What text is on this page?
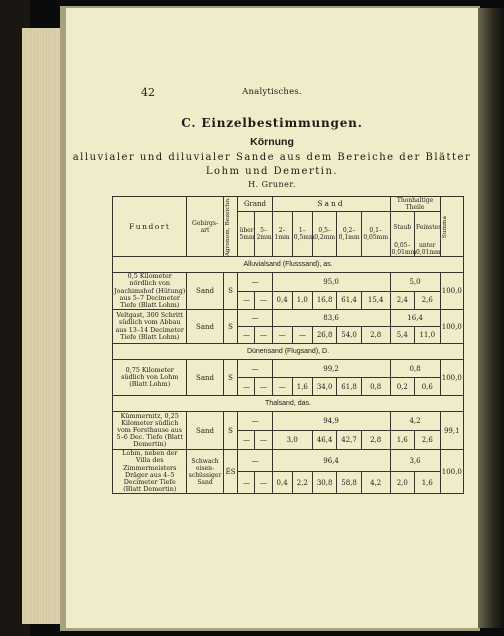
42	Analytisches.
C. Einzelbestimmungen.
Körnung
alluvialer und diluvialer Sande aus dem Bereiche der Blätter
Lohm und Demertin.
H. Gruner.
Fundort	Gebirgs-art	Agronom. Bezeichn.	Grand		Sand					Thonhaltige Theile		Summa

			über 5mm	5–2mm	2–1mm	1–0,5mm	0,5–0,2mm	0,2–0,1mm	0,1–0,05mm	Staub	Feinstes	
										0,05–0,01mm	unter 0,01mm	
Alluvialsand (Flusssand), as.												
0,5 Kilometer nördlich von Joachimshof (Hütung) aus 5–7 Decimeter Tiefe (Blatt Lohm)	Sand	S	—		95,0					5,0		100,0
			—	—	0,4	1,0	16,8	61,4	15,4	2,4	2,6	
Veltgast, 300 Schritt südlich vom Abbau aus 13–14 Decimeter Tiefe (Blatt Lohm)	Sand	S	—		83,6					16,4		100,0
			—	—	—	—	26,8	54,0	2,8	5,4	11,0	
Dünensand (Flugsand), D.												
0,75 Kilometer südlich von Lohm (Blatt Lohm)	Sand	S	—		99,2					0,8		100,0
			—	—	—	1,6	34,0	61,8	0,8	0,2	0,6	
Thalsand, das.												
Kümmernitz, 0,25 Kilometer südlich vom Forsthause aus 5–6 Dec. Tiefe (Blatt Demertin)	Sand	S	—		94,9					4,2		99,1
			—	—	3,0		46,4	42,7	2,8	1,6	2,6	
Lohm, neben der Villa des Zimmermeisters Dräger aus 4–5 Decimeter Tiefe (Blatt Demertin)	Schwach eisen-schüssiger Sand	ĖS	—		96,4					3,6		100,0
			—	—	0,4	2,2	30,8	58,8	4,2	2,0	1,6	
